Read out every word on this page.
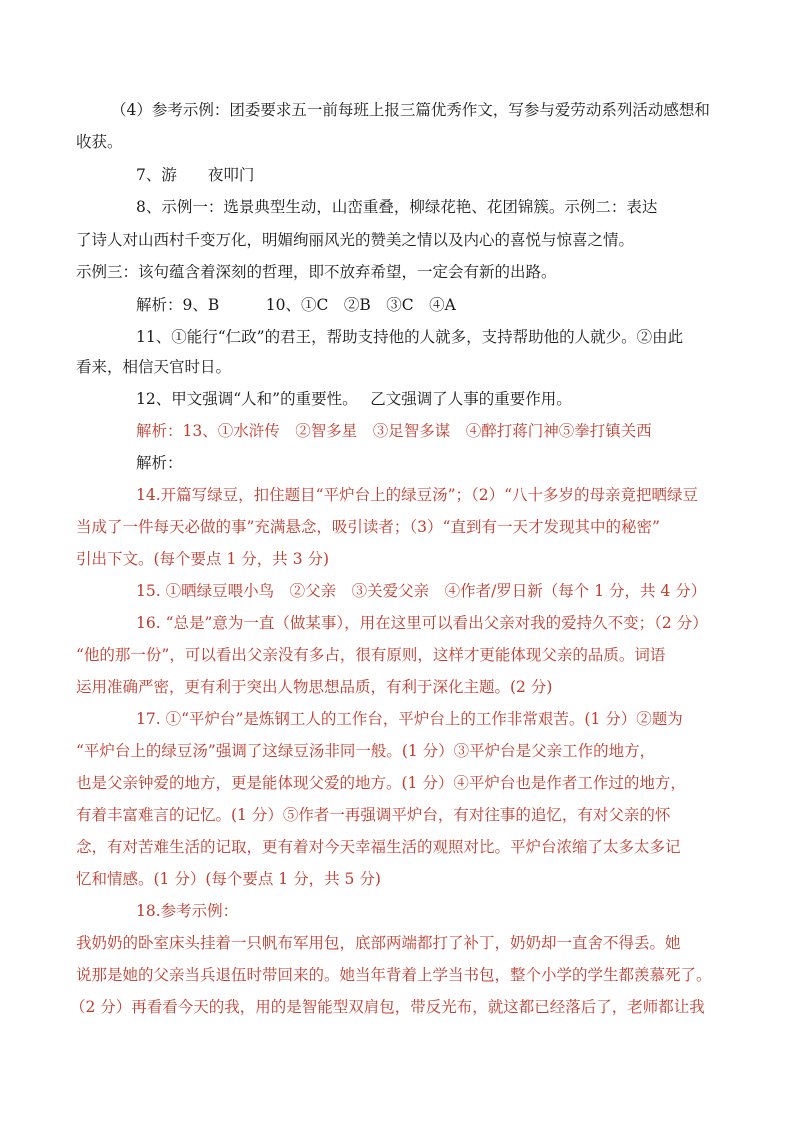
（4）参考示例：团委要求五一前每班上报三篇优秀作文，写参与爱劳动系列活动感想和
收获。
7、游　　夜叩门
8、示例一：选景典型生动，山峦重叠，柳绿花艳、花团锦簇。示例二：表达
了诗人对山西村千变万化，明媚绚丽风光的赞美之情以及内心的喜悦与惊喜之情。
示例三：该句蕴含着深刻的哲理，即不放弃希望，一定会有新的出路。
解析：9、B　　　10、①C　②B　③C　④A
11、①能行“仁政”的君王，帮助支持他的人就多，支持帮助他的人就少。②由此
看来，相信天官时日。
12、甲文强调“人和”的重要性。　 乙文强调了人事的重要作用。
解析：13、①水浒传　②智多星　③足智多谋　④醉打蒋门神⑤拳打镇关西
解析：
14.开篇写绿豆，扣住题目“平炉台上的绿豆汤”；（2）“八十多岁的母亲竟把晒绿豆
当成了一件每天必做的事”充满悬念，吸引读者；（3）“直到有一天才发现其中的秘密”
引出下文。(每个要点 1 分，共 3 分)
15. ①晒绿豆喂小鸟　②父亲　③关爱父亲　④作者/罗日新（每个 1 分，共 4 分）
16. “总是”意为一直（做某事），用在这里可以看出父亲对我的爱持久不变；（2 分）
“他的那一份”，可以看出父亲没有多占，很有原则，这样才更能体现父亲的品质。词语
运用准确严密，更有利于突出人物思想品质，有利于深化主题。(2 分)
17. ①“平炉台”是炼钢工人的工作台，平炉台上的工作非常艰苦。(1 分）②题为
“平炉台上的绿豆汤”强调了这绿豆汤非同一般。(1 分）③平炉台是父亲工作的地方，
也是父亲钟爱的地方，更是能体现父爱的地方。(1 分）④平炉台也是作者工作过的地方，
有着丰富难言的记忆。(1 分）⑤作者一再强调平炉台，有对往事的追忆，有对父亲的怀
念，有对苦难生活的记取，更有着对今天幸福生活的观照对比。平炉台浓缩了太多太多记
忆和情感。(1 分）(每个要点 1 分，共 5 分)
18.参考示例：
我奶奶的卧室床头挂着一只帆布军用包，底部两端都打了补丁，奶奶却一直舍不得丢。她
说那是她的父亲当兵退伍时带回来的。她当年背着上学当书包，整个小学的学生都羡慕死了。
（2 分）再看看今天的我，用的是智能型双肩包，带反光布，就这都已经落后了，老师都让我
